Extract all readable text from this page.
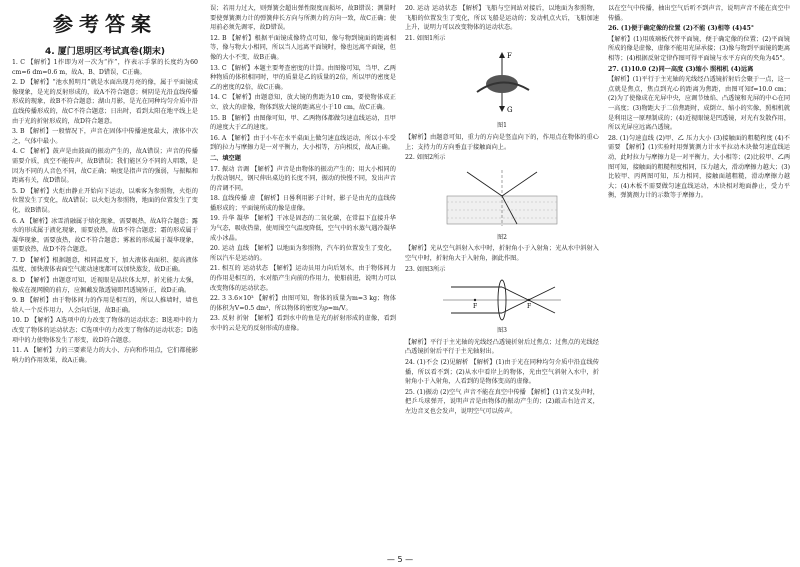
参考答案
4. 厦门思明区考试真卷(期末)

1. C 【解析】1拃即为对一次为“拃”，拃表示手掌的长度约为60 cm=6 dm=0.6 m，故A、B、D错误，C正确。

2. D 【解析】“池水照明月”就是水面出现月亮的像，属于平面镜成像现象，是光的反射形成的，故A不符合题意；树阴是光沿直线传播形成的现象，故B不符合题意；湖山月影，是光在同种均匀介质中沿直线传播形成的，故C不符合题意；日出时，看到太阳在地平线上是由于光的折射形成的，故D符合题意。

3. B 【解析】一般情况下，声音在固体中传播速度最大，液体中次之，气体中最小。

4. C 【解析】鼓声是由鼓面的振动产生的，故A错误；声音的传播需要介质，真空不能传声，故B错误；我们能区分不同的人唱歌，是因为不同的人音色不同，故C正确；响度是指声音的强弱，与振幅和距离有关，故D错误。

5. D 【解析】火炬由静止开始向下运动，以乘客为参照物，火炬的位置发生了变化，故A错误；以火炬为参照物，地面的位置发生了变化，故B错误。

6. A 【解析】冰雪消融属于熔化现象，需要吸热，故A符合题意；露水的形成属于液化现象，需要放热，故B不符合题意；霜的形成属于凝华现象，需要放热，故C不符合题意；雾凇的形成属于凝华现象，需要放热，故D不符合题意。

7. D 【解析】根据题意，相同温度下，加大液体表面积、提高液体温度、加快液体表面空气流动速度都可以加快蒸发，故D正确。

8. D 【解析】由题意可知，近视眼是晶状体太厚，折光能力太强，像成在视网膜的前方，应佩戴发散透镜即凹透镜矫正，故D正确。

9. B 【解析】由于物体间力的作用是相互的，所以人推墙时，墙也给人一个反作用力，人会向后退，故B正确。

10. D 【解析】A选项中的力改变了物体的运动状态；B选项中的力改变了物体的运动状态；C选项中的力改变了物体的运动状态；D选项中的力使物体发生了形变，故D符合题意。

11. A 【解析】力的三要素是力的大小、方向和作用点，它们都能影响力的作用效果，故A正确。

误；若用力过大，则弹簧会超出弹性限度而损坏，故B错误；测量时要使弹簧测力计的弹簧伸长方向与所测力的方向一致，故C正确；使用前必须先调零，故D错误。

12. B 【解析】根据平面镜成像特点可知，像与物到镜面的距离相等，像与物大小相同，所以当人远离平面镜时，像也远离平面镜，但像的大小不变，故B正确。

13. C 【解析】本题主要考查密度的计算。由图像可知，当甲、乙两种物质的体积相同时，甲的质量是乙的质量的2倍，所以甲的密度是乙的密度的2倍，故C正确。

14. C 【解析】由题意知，放大镜的焦距为10 cm，要使物体成正立、放大的虚像，物体到放大镜的距离应小于10 cm，故C正确。

15. B 【解析】由图像可知，甲、乙两物体都做匀速直线运动，且甲的速度大于乙的速度。

16. A 【解析】由于小车在水平桌面上做匀速直线运动，所以小车受到的拉力与摩擦力是一对平衡力，大小相等，方向相反，故A正确。

二、填空题

17. 振动 音调 【解析】声音是由物体的振动产生的；用大小相同的力拨动钢尺，钢尺伸出桌边的长度不同，振动的快慢不同，发出声音的音调不同。

18. 直线传播 虚 【解析】日晷利用影子计时，影子是由光的直线传播形成的；平面镜所成的像是虚像。

19. 升华 凝华 【解析】干冰是固态的二氧化碳，在常温下直接升华为气态，吸收热量，使周围空气温度降低，空气中的水蒸气遇冷凝华成小冰晶。

20. 运动 直线 【解析】以地面为参照物，汽车的位置发生了变化，所以汽车是运动的。

21. 相互的 运动状态 【解析】运动员用力向后划水，由于物体间力的作用是相互的，水对船产生向前的作用力，使船前进，说明力可以改变物体的运动状态。

22. 3 3.6×10³ 【解析】由图可知，物体的质量为m=3 kg；物体的体积为V=0.5 dm³，所以物体的密度为ρ=m/V。

23. 反射 折射 【解析】看到水中的鱼是光的折射形成的虚像，看到水中的云是光的反射形成的虚像。

20. 运动 运动状态 【解析】飞船与空间站对接后，以地面为参照物，飞船的位置发生了变化，所以飞船是运动的；发动机点火后，飞船加速上升，说明力可以改变物体的运动状态。

21. 如图1所示

F
G

图1

【解析】由题意可知，重力的方向是竖直向下的，作用点在物体的重心上；支持力的方向垂直于接触面向上。

22. 如图2所示

图2

【解析】光从空气斜射入水中时，折射角小于入射角；光从水中斜射入空气中时，折射角大于入射角，据此作图。

23. 如图3所示

F	F

图3

【解析】平行于主光轴的光线经凸透镜折射后过焦点；过焦点的光线经凸透镜折射后平行于主光轴射出。

24. (1)不会 (2)见解析 【解析】(1)由于光在同种均匀介质中沿直线传播，所以看不到；(2)从水中看岸上的物体，光由空气斜射入水中，折射角小于入射角，人看到的是物体变高的虚像。

25. (1)振动 (2)空气 声音不能在真空中传播 【解析】(1)音叉发声时，把乒乓球弹开，说明声音是由物体的振动产生的；(2)敲击右边音叉，左边音叉也会发声，说明空气可以传声。

以在空气中传播，抽出空气后听不到声音，说明声音不能在真空中传播。

26. (1)便于确定像的位置 (2)不能 (3)相等 (4)45°

【解析】(1)用玻璃板代替平面镜，便于确定像的位置；(2)平面镜所成的像是虚像，虚像不能用光屏承接；(3)像与物到平面镜的距离相等；(4)根据反射定律作图可得平面镜与水平方向的夹角为45°。

27. (1)10.0 (2)同一高度 (3)缩小 照相机 (4)远离

【解析】(1)平行于主光轴的光线经凸透镜折射后会聚于一点，这一点就是焦点，焦点到光心的距离为焦距，由图可知f=10.0 cm；(2)为了使像成在光屏中央，应调节烛焰、凸透镜和光屏的中心在同一高度；(3)物距大于二倍焦距时，成倒立、缩小的实像，照相机就是利用这一原理制成的；(4)近视眼镜是凹透镜，对光有发散作用，所以光屏应远离凸透镜。

28. (1)匀速直线 (2)甲、乙 压力大小 (3)接触面的粗糙程度 (4)不需要 【解析】(1)实验时用弹簧测力计水平拉动木块做匀速直线运动，此时拉力与摩擦力是一对平衡力，大小相等；(2)比较甲、乙两图可知，接触面的粗糙程度相同，压力越大，滑动摩擦力越大；(3)比较甲、丙两图可知，压力相同，接触面越粗糙，滑动摩擦力越大；(4)木板不需要做匀速直线运动，木块相对地面静止，受力平衡，弹簧测力计的示数等于摩擦力。

— 5 —
